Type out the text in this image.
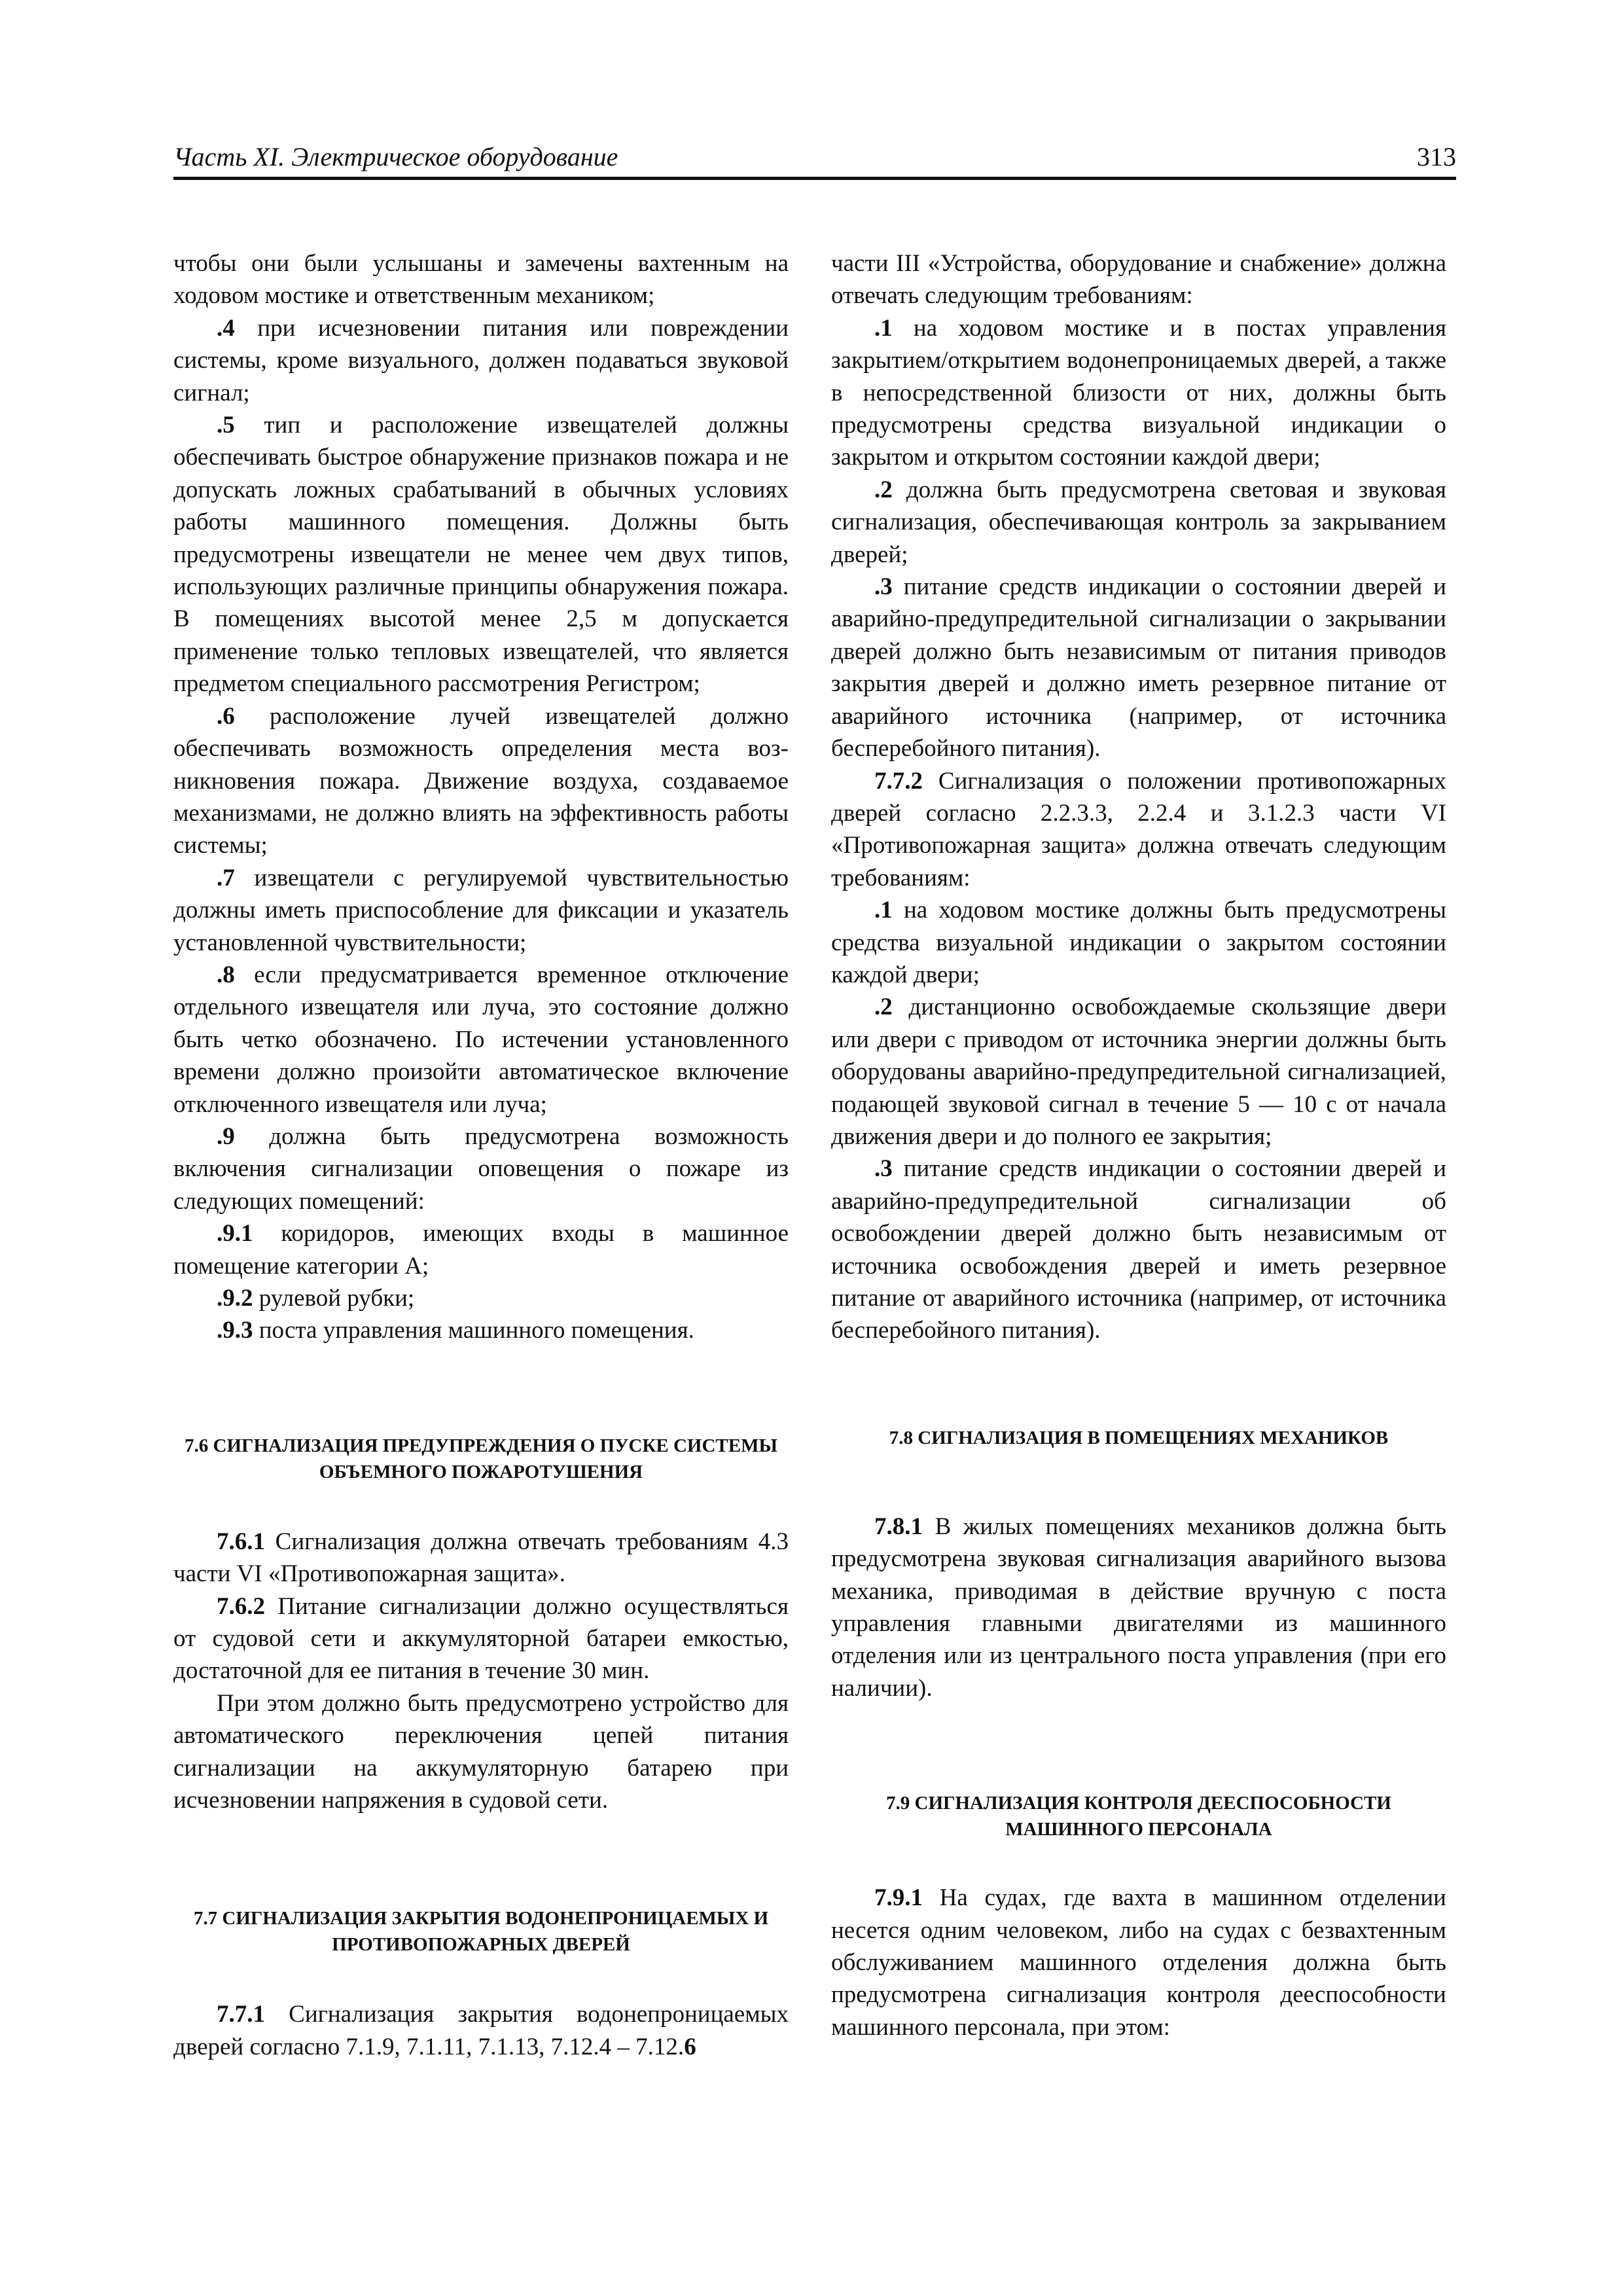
Часть XI. Электрическое оборудование	313

чтобы они были услышаны и замечены вахтенным на ходовом мостике и ответственным механиком;

.4 при исчезновении питания или повреждении системы, кроме визуального, должен подаваться звуковой сигнал;

.5 тип и расположение извещателей должны обеспечивать быстрое обнаружение признаков пожара и не допускать ложных срабатываний в обычных условиях работы машинного помещения. Должны быть предусмотрены извещатели не менее чем двух типов, использующих различные принципы обнаружения пожара. В помещениях высотой менее 2,5 м допускается применение только тепловых извещателей, что является предметом специального рассмотрения Регистром;

.6 расположение лучей извещателей должно обеспечивать возможность определения места возникновения пожара. Движение воздуха, создаваемое механизмами, не должно влиять на эффективность работы системы;

.7 извещатели с регулируемой чувствительностью должны иметь приспособление для фиксации и указатель установленной чувствительности;

.8 если предусматривается временное отключение отдельного извещателя или луча, это состояние должно быть четко обозначено. По истечении установленного времени должно произойти автоматическое включение отключенного извещателя или луча;

.9 должна быть предусмотрена возможность включения сигнализации оповещения о пожаре из следующих помещений:

.9.1 коридоров, имеющих входы в машинное помещение категории А;

.9.2 рулевой рубки;

.9.3 поста управления машинного помещения.

7.6 СИГНАЛИЗАЦИЯ ПРЕДУПРЕЖДЕНИЯ О ПУСКЕ СИСТЕМЫ ОБЪЕМНОГО ПОЖАРОТУШЕНИЯ

7.6.1 Сигнализация должна отвечать требованиям 4.3 части VI «Противопожарная защита».

7.6.2 Питание сигнализации должно осуществляться от судовой сети и аккумуляторной батареи емкостью, достаточной для ее питания в течение 30 мин.

При этом должно быть предусмотрено устройство для автоматического переключения цепей питания сигнализации на аккумуляторную батарею при исчезновении напряжения в судовой сети.

7.7 СИГНАЛИЗАЦИЯ ЗАКРЫТИЯ ВОДОНЕПРОНИЦАЕМЫХ И ПРОТИВОПОЖАРНЫХ ДВЕРЕЙ

7.7.1 Сигнализация закрытия водонепроницаемых дверей согласно 7.1.9, 7.1.11, 7.1.13, 7.12.4 – 7.12.6

части III «Устройства, оборудование и снабжение» должна отвечать следующим требованиям:

.1 на ходовом мостике и в постах управления закрытием/открытием водонепроницаемых дверей, а также в непосредственной близости от них, должны быть предусмотрены средства визуальной индикации о закрытом и открытом состоянии каждой двери;

.2 должна быть предусмотрена световая и звуковая сигнализация, обеспечивающая контроль за закрыванием дверей;

.3 питание средств индикации о состоянии дверей и аварийно-предупредительной сигнализации о закрывании дверей должно быть независимым от питания приводов закрытия дверей и должно иметь резервное питание от аварийного источника (например, от источника бесперебойного питания).

7.7.2 Сигнализация о положении противопожарных дверей согласно 2.2.3.3, 2.2.4 и 3.1.2.3 части VI «Противопожарная защита» должна отвечать следующим требованиям:

.1 на ходовом мостике должны быть предусмотрены средства визуальной индикации о закрытом состоянии каждой двери;

.2 дистанционно освобождаемые скользящие двери или двери с приводом от источника энергии должны быть оборудованы аварийно-предупредительной сигнализацией, подающей звуковой сигнал в течение 5 — 10 с от начала движения двери и до полного ее закрытия;

.3 питание средств индикации о состоянии дверей и аварийно-предупредительной сигнализации об освобождении дверей должно быть независимым от источника освобождения дверей и иметь резервное питание от аварийного источника (например, от источника бесперебойного питания).

7.8 СИГНАЛИЗАЦИЯ В ПОМЕЩЕНИЯХ МЕХАНИКОВ

7.8.1 В жилых помещениях механиков должна быть предусмотрена звуковая сигнализация аварийного вызова механика, приводимая в действие вручную с поста управления главными двигателями из машинного отделения или из центрального поста управления (при его наличии).

7.9 СИГНАЛИЗАЦИЯ КОНТРОЛЯ ДЕЕСПОСОБНОСТИ МАШИННОГО ПЕРСОНАЛА

7.9.1 На судах, где вахта в машинном отделении несется одним человеком, либо на судах с безвахтенным обслуживанием машинного отделения должна быть предусмотрена сигнализация контроля дееспособности машинного персонала, при этом:
